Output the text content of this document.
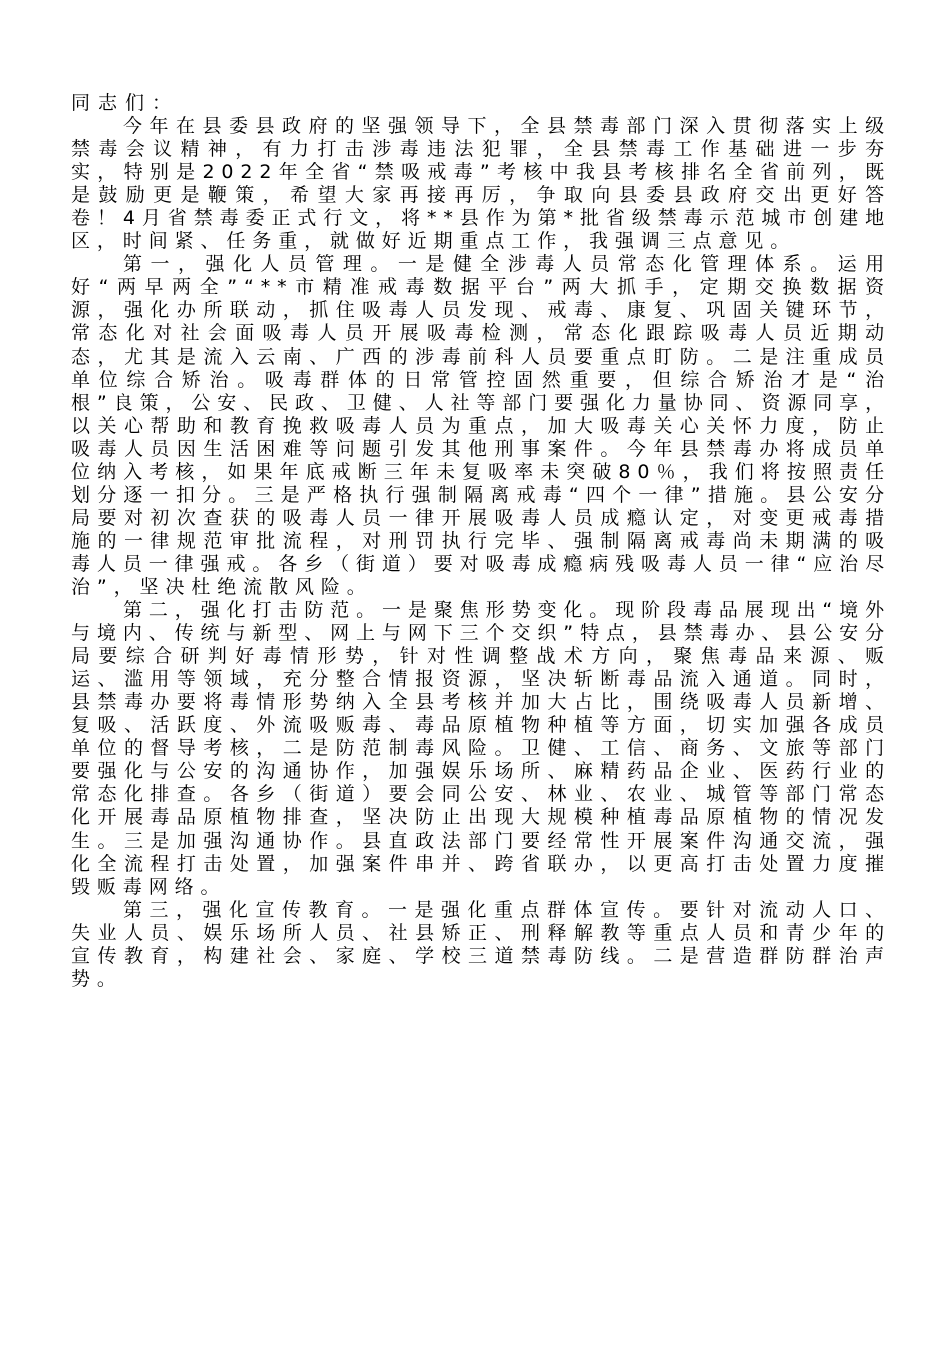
同志们：

今年在县委县政府的坚强领导下，全县禁毒部门深入贯彻落实上级禁毒会议精神，有力打击涉毒违法犯罪，全县禁毒工作基础进一步夯实，特别是2022年全省“禁吸戒毒”考核中我县考核排名全省前列，既是鼓励更是鞭策，希望大家再接再厉，争取向县委县政府交出更好答卷！4月省禁毒委正式行文，将**县作为第*批省级禁毒示范城市创建地区，时间紧、任务重，就做好近期重点工作，我强调三点意见。

第一，强化人员管理。一是健全涉毒人员常态化管理体系。运用好“两早两全”“**市精准戒毒数据平台”两大抓手，定期交换数据资源，强化办所联动，抓住吸毒人员发现、戒毒、康复、巩固关键环节，常态化对社会面吸毒人员开展吸毒检测，常态化跟踪吸毒人员近期动态，尤其是流入云南、广西的涉毒前科人员要重点盯防。二是注重成员单位综合矫治。吸毒群体的日常管控固然重要，但综合矫治才是“治根”良策，公安、民政、卫健、人社等部门要强化力量协同、资源同享，以关心帮助和教育挽救吸毒人员为重点，加大吸毒关心关怀力度，防止吸毒人员因生活困难等问题引发其他刑事案件。今年县禁毒办将成员单位纳入考核，如果年底戒断三年未复吸率未突破80％，我们将按照责任划分逐一扣分。三是严格执行强制隔离戒毒“四个一律”措施。县公安分局要对初次查获的吸毒人员一律开展吸毒人员成瘾认定，对变更戒毒措施的一律规范审批流程，对刑罚执行完毕、强制隔离戒毒尚未期满的吸毒人员一律强戒。各乡（街道）要对吸毒成瘾病残吸毒人员一律“应治尽治”，坚决杜绝流散风险。

第二，强化打击防范。一是聚焦形势变化。现阶段毒品展现出“境外与境内、传统与新型、网上与网下三个交织”特点，县禁毒办、县公安分局要综合研判好毒情形势，针对性调整战术方向，聚焦毒品来源、贩运、滥用等领域，充分整合情报资源，坚决斩断毒品流入通道。同时，县禁毒办要将毒情形势纳入全县考核并加大占比，围绕吸毒人员新增、复吸、活跃度、外流吸贩毒、毒品原植物种植等方面，切实加强各成员单位的督导考核，二是防范制毒风险。卫健、工信、商务、文旅等部门要强化与公安的沟通协作，加强娱乐场所、麻精药品企业、医药行业的常态化排查。各乡（街道）要会同公安、林业、农业、城管等部门常态化开展毒品原植物排查，坚决防止出现大规模种植毒品原植物的情况发生。三是加强沟通协作。县直政法部门要经常性开展案件沟通交流，强化全流程打击处置，加强案件串并、跨省联办，以更高打击处置力度摧毁贩毒网络。

第三，强化宣传教育。一是强化重点群体宣传。要针对流动人口、失业人员、娱乐场所人员、社县矫正、刑释解教等重点人员和青少年的宣传教育，构建社会、家庭、学校三道禁毒防线。二是营造群防群治声势。
